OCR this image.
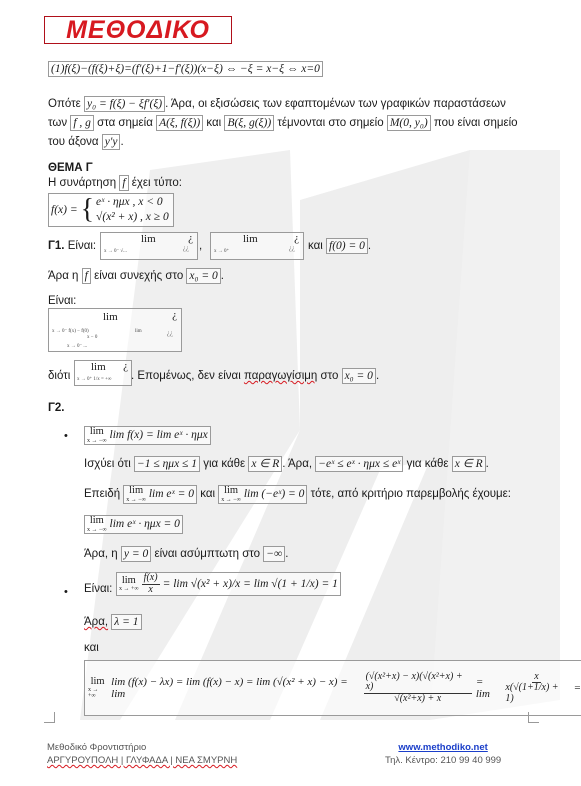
ΜΕΘΟΔΙΚΟ
(1)f(ξ)−(f(ξ)+ξ)=(f′(ξ)+1−f′(ξ))(x−ξ) ⇔ −ξ = x−ξ ⇔ x=0
Οπότε y₀ = f(ξ) − ξf′(ξ) . Άρα, οι εξισώσεις των εφαπτομένων των γραφικών παραστάσεων
των f , g στα σημεία A(ξ, f(ξ)) και B(ξ, g(ξ)) τέμνονται στο σημείο M(0, y₀) που είναι σημείο
του άξονα y′y .
ΘΕΜΑ Γ
Η συνάρτηση f έχει τύπο:
f(x) = { eˣ · ημx , x < 0
√(x² + x) , x ≥ 0
Γ1. Είναι:
lim	¿
x → 0⁻ √...	¿¿ ,
lim	¿
x → 0⁺	¿¿ και f(0) = 0 .
Άρα η f είναι συνεχής στο x₀ = 0 .
Είναι:
lim	¿
x → 0⁻ f(x) − f(0)
x − 0
lim
x → 0⁻ ...
¿¿
διότι
lim ¿
x → 0⁺ 1/x = +∞ . Επομένως, δεν είναι παραγωγίσιμη στο x₀ = 0 .
Γ2.
• lim
x → −∞ lim f(x) = lim eˣ · ημx
Ισχύει ότι −1 ≤ ημx ≤ 1 για κάθε x ∈ R . Άρα, −eˣ ≤ eˣ · ημx ≤ eˣ για κάθε x ∈ R .
Επειδή lim
x → −∞ lim eˣ = 0 και lim
x → −∞ lim (−eˣ) = 0 τότε, από κριτήριο παρεμβολής έχουμε:
lim
x → −∞ lim eˣ · ημx = 0
Άρα, η y = 0 είναι ασύμπτωτη στο −∞ .
• Είναι:
lim
x → +∞ $\frac{f(x)}{x} = \lim √(x^2 + x)/x = \lim √(1 + 1/x) = 1$
Άρα, λ = 1
και
lim
x → +∞
lim (f(x) − λx) = lim (f(x) − x) = lim (√(x² + x) − x) = lim	$\frac{\text{(√(x²+x) − x)(√(x²+x) + x)}}{\text{√(x²+x) + x}} = \lim$	$\frac{x}{x(√(1+1/x) + 1)}$ =
Μεθοδικό Φροντιστήριο
ΑΡΓΥΡΟΥΠΟΛΗ | ΓΛΥΦΑΔΑ | ΝΕΑ ΣΜΥΡΝΗ
www.methodiko.net
Τηλ. Κέντρο: 210 99 40 999
